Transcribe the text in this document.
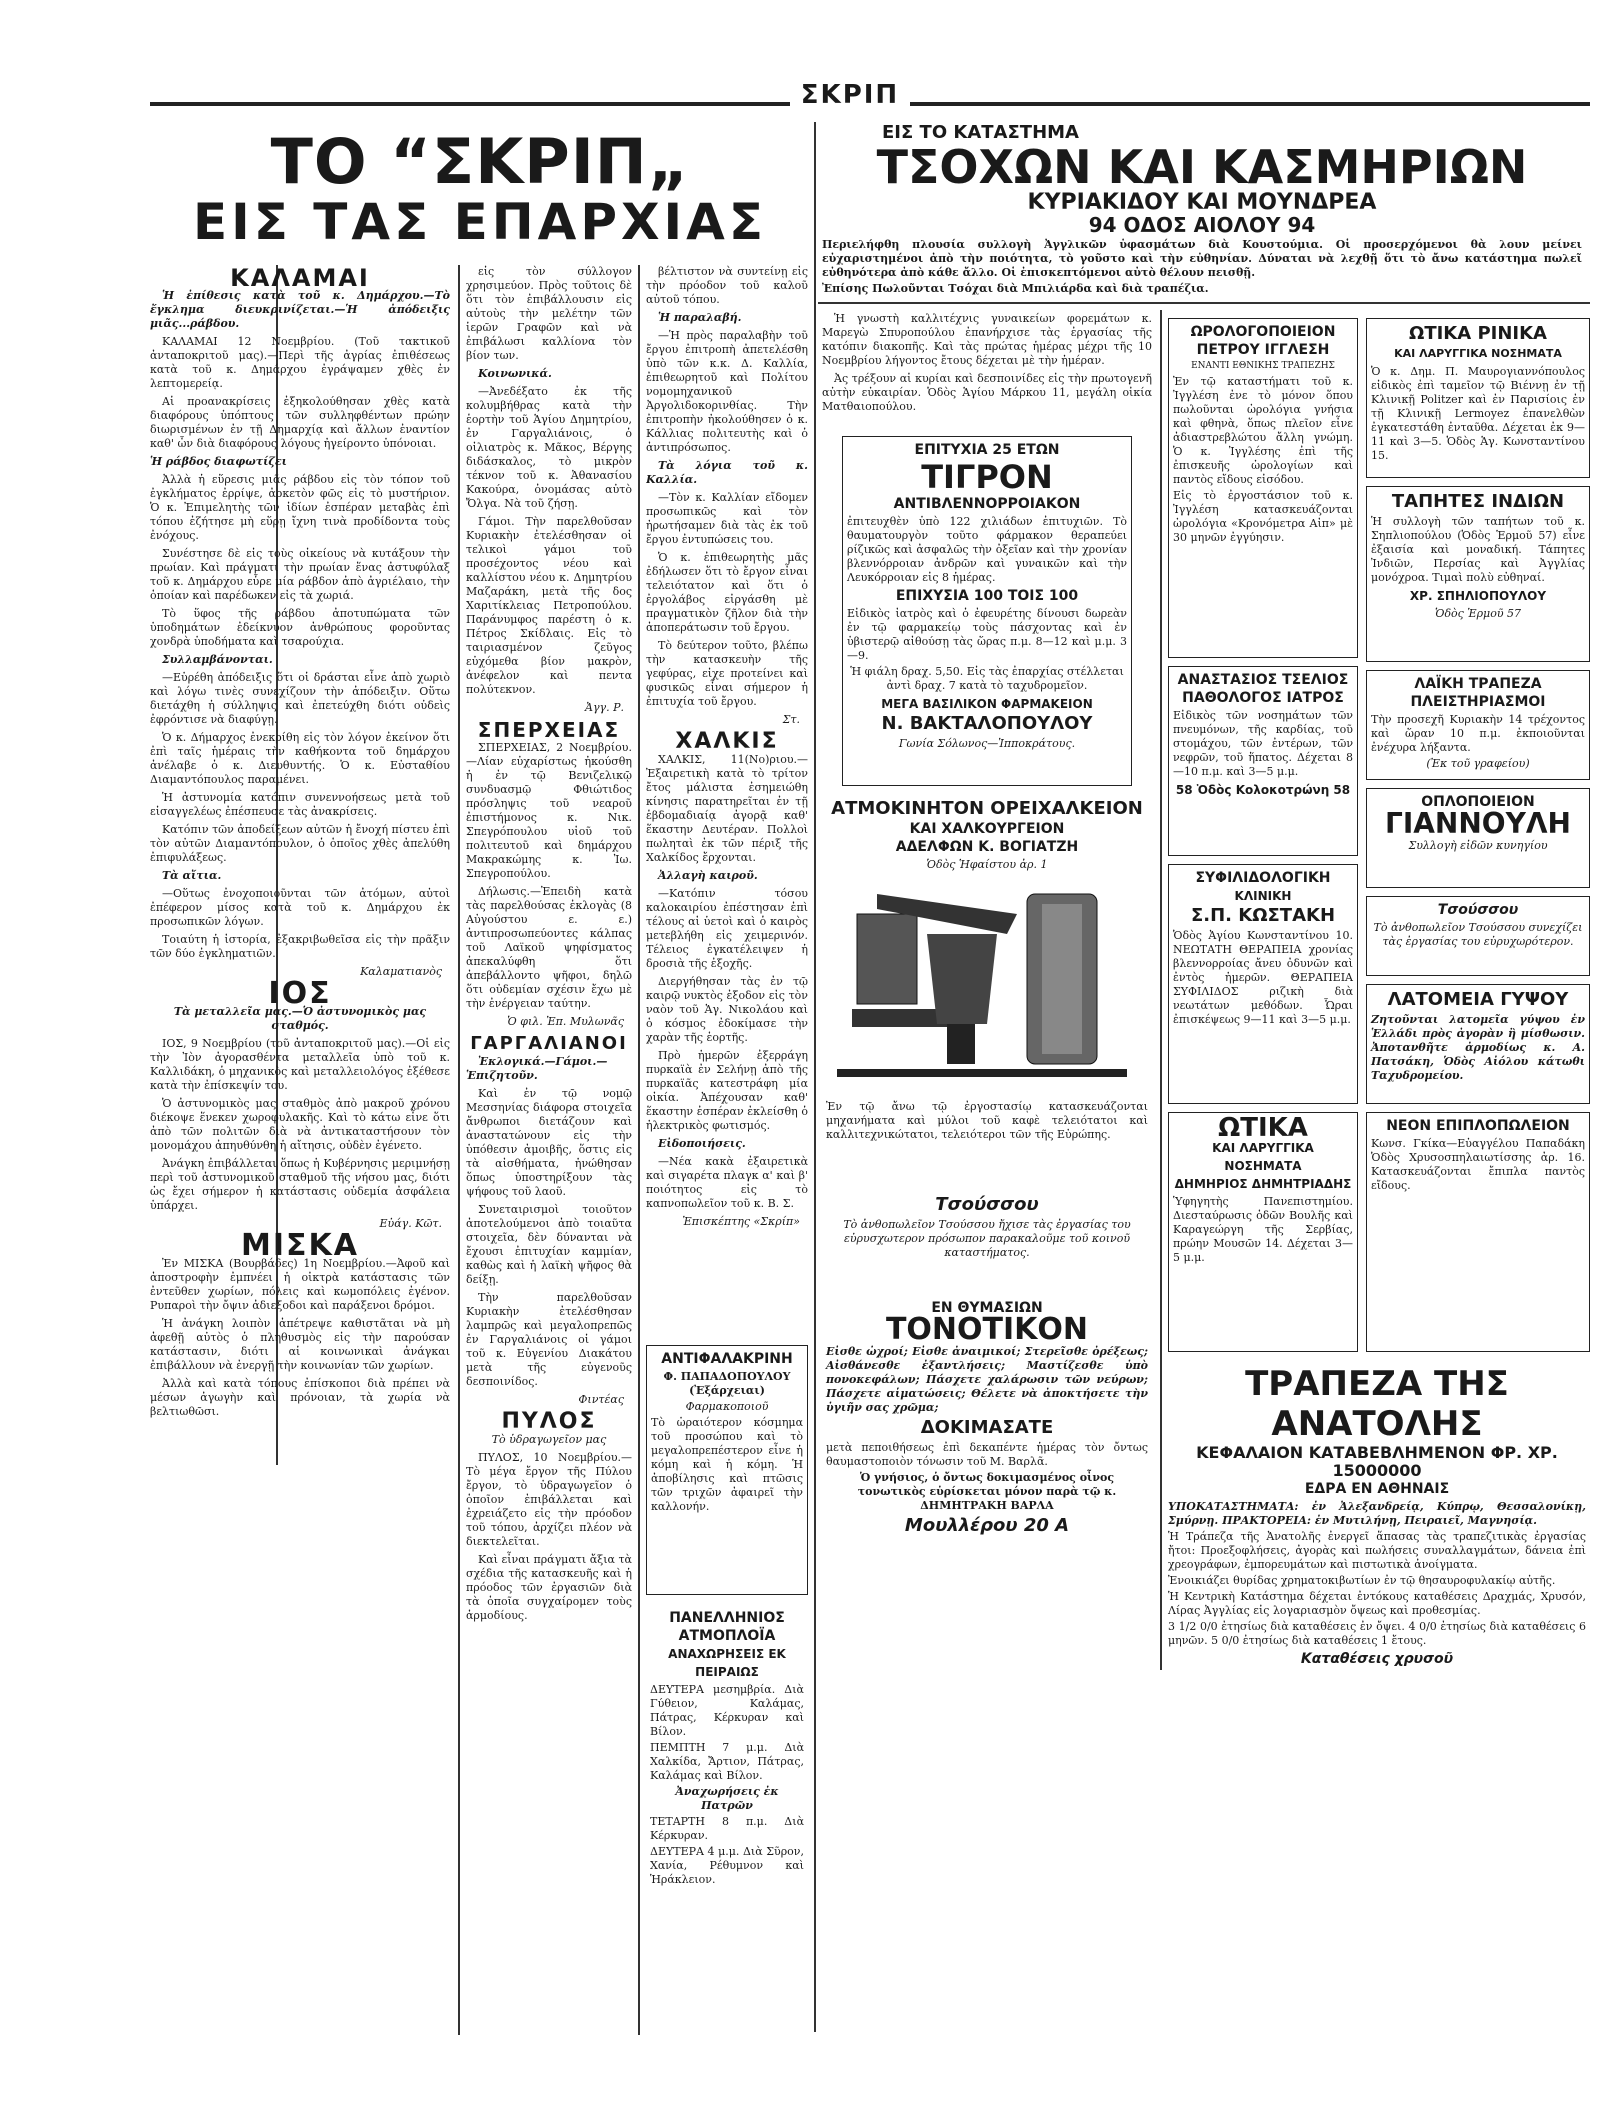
ΣΚΡΙΠ
ΤΟ “ΣΚΡΙΠ„
ΕΙΣ ΤΑΣ ΕΠΑΡΧΙΑΣ
ΚΑΛΑΜΑΙ

Ἡ ἐπίθεσις κατὰ τοῦ κ. Δημάρχου.—Τὸ ἔγκλημα διευκρινίζεται.—Ἡ ἀπόδειξις μιᾶς...ράβδου.

ΚΑΛΑΜΑΙ 12 Νοεμβρίου. (Τοῦ τακτικοῦ ἀνταποκριτοῦ μας).—Περὶ τῆς ἀγρίας ἐπιθέσεως κατὰ τοῦ κ. Δημάρχου ἐγράψαμεν χθὲς ἐν λεπτομερείᾳ.

Αἱ προανακρίσεις ἐξηκολούθησαν χθὲς κατὰ διαφόρους ὑπόπτους τῶν συλληφθέντων πρώην διωρισμένων ἐν τῇ Δημαρχίᾳ καὶ ἄλλων ἐναντίον καθ' ὧν διὰ διαφόρους λόγους ἠγείροντο ὑπόνοιαι.

Ἡ ράβδος διαφωτίζει

Ἀλλὰ ἡ εὕρεσις μιᾶς ράβδου εἰς τὸν τόπον τοῦ ἐγκλήματος ἐρρίψε, ἀρκετὸν φῶς εἰς τὸ μυστήριον. Ὁ κ. Ἐπιμελητὴς τῶν ἰδίων ἐσπέραν μεταβὰς ἐπὶ τόπου ἐζήτησε μὴ εὕρῃ ἴχνη τινὰ προδίδοντα τοὺς ἐνόχους.

Συνέστησε δὲ εἰς τοὺς οἰκείους νὰ κυτάξουν τὴν πρωίαν. Καὶ πράγματι τὴν πρωίαν ἕνας ἀστυφύλαξ τοῦ κ. Δημάρχου εὗρε μία ράβδον ἀπὸ ἀγριέλαιο, τὴν ὁποίαν καὶ παρέδωκεν εἰς τὰ χωριά.

Τὸ ὕφος τῆς ράβδου ἀποτυπώματα τῶν ὑποδημάτων ἐδείκνυον ἀνθρώπους φοροῦντας χονδρὰ ὑποδήματα καὶ τσαρούχια.

Συλλαμβάνονται.

—Εὑρέθη ἀπόδειξις ὅτι οἱ δράσται εἶνε ἀπὸ χωριὸ καὶ λόγω τινὲς συνεχίζουν τὴν ἀπόδειξιν. Οὕτω διετάχθη ἡ σύλληψις καὶ ἐπετεύχθη διότι οὐδεὶς ἐφρόντισε νὰ διαφύγῃ.

Ὁ κ. Δήμαρχος ἐνεκρίθη εἰς τὸν λόγον ἐκείνον ὅτι ἐπὶ ταῖς ἡμέραις τὴν καθήκοντα τοῦ δημάρχου ἀνέλαβε ὁ κ. Διευθυντής. Ὁ κ. Εὐσταθίου Διαμαντόπουλος παραμένει.

Ἡ ἀστυνομία κατόπιν συνεννοήσεως μετὰ τοῦ εἰσαγγελέως ἐπέσπευσε τὰς ἀνακρίσεις.

Κατόπιν τῶν ἀποδείξεων αὐτῶν ἡ ἔνοχή πίστευ ἐπὶ τὸν αὐτῶν Διαμαντόπουλον, ὁ ὁποῖος χθὲς ἀπελύθη ἐπιφυλάξεως.

Τὰ αἴτια.

—Οὕτως ἐνοχοποιοῦνται τῶν ἀτόμων, αὐτοὶ ἐπέφερον μίσος κατὰ τοῦ κ. Δημάρχου ἐκ προσωπικῶν λόγων.

Τοιαύτη ἡ ἱστορία, ἐξακριβωθεῖσα εἰς τὴν πρᾶξιν τῶν δύο ἐγκληματιῶν.

Καλαματιανὸς
ΙΟΣ

Τὰ μεταλλεῖα μας.—Ὁ ἀστυνομικὸς μας σταθμός.

ΙΟΣ, 9 Νοεμβρίου (τοῦ ἀνταποκριτοῦ μας).—Οἱ εἰς τὴν Ἰὸν ἀγορασθέντα μεταλλεῖα ὑπὸ τοῦ κ. Καλλιδάκη, ὁ μηχανικὸς καὶ μεταλλειολόγος ἐξέθεσε κατὰ τὴν ἐπίσκεψίν του.

Ὁ ἀστυνομικὸς μας σταθμὸς ἀπὸ μακροῦ χρόνου διέκοψε ἕνεκεν χωροφυλακῆς. Καὶ τὸ κάτω εἶνε ὅτι ἀπὸ τῶν πολιτῶν διὰ νὰ ἀντικαταστήσουν τὸν μονομάχου ἀπηυθύνθη ἡ αἴτησις, οὐδὲν ἐγένετο.

Ἀνάγκη ἐπιβάλλεται ὅπως ἡ Κυβέρνησις μεριμνήσῃ περὶ τοῦ ἀστυνομικοῦ σταθμοῦ τῆς νήσου μας, διότι ὡς ἔχει σήμερον ἡ κατάστασις οὐδεμία ἀσφάλεια ὑπάρχει.

Εὐάγ. Κῶτ.
ΜΙΣΚΑ

Ἐν ΜΙΣΚΑ (Βουρβάδες) 1η Νοεμβρίου.—Ἀφοῦ καὶ ἀποστροφὴν ἐμπνέει ἡ οἰκτρὰ κατάστασις τῶν ἐντεῦθεν χωρίων, πόλεις καὶ κωμοπόλεις ἐγένον. Ρυπαροὶ τὴν ὄψιν ἀδιεξοδοι καὶ παράξενοι δρόμοι.

Ἡ ἀνάγκη λοιπὸν ἀπέτρεψε καθιστᾶται νὰ μὴ ἀφεθῇ αὐτὸς ὁ πληθυσμὸς εἰς τὴν παρούσαν κατάστασιν, διότι αἱ κοινωνικαὶ ἀνάγκαι ἐπιβάλλουν νὰ ἐνεργῇ τὴν κοινωνίαν τῶν χωρίων.

Ἀλλὰ καὶ κατὰ τόπους ἐπίσκοποι διὰ πρέπει νὰ μέσων ἀγωγὴν καὶ πρόνοιαν, τὰ χωρία νὰ βελτιωθῶσι.

εἰς τὸν σύλλογον χρησιμεύον. Πρὸς τοῦτοις δὲ ὅτι τὸν ἐπιβάλλουσιν εἰς αὐτοὺς τὴν μελέτην τῶν ἱερῶν Γραφῶν καὶ νὰ ἐπιβάλωσι καλλίονα τὸν βίον των.

Κοινωνικά.

—Ἀνεδέξατο ἐκ τῆς κολυμβήθρας κατὰ τὴν ἑορτὴν τοῦ Ἁγίου Δημητρίου, ἐν Γαργαλιάνοις, ὁ οἰλιατρὸς κ. Μᾶκος, Βέργης διδάσκαλος, τὸ μικρὸν τέκνον τοῦ κ. Ἀθανασίου Κακούρα, ὀνομάσας αὐτὸ Ὄλγα. Νὰ τοῦ ζήσῃ.

Γάμοι. Τὴν παρελθοῦσαν Κυριακὴν ἐτελέσθησαν οἱ τελικοὶ γάμοι τοῦ προσέχοντος νέου καὶ καλλίστου νέου κ. Δημητρίου Μαζαράκη, μετὰ τῆς δος Χαριτίκλειας Πετροπούλου. Παράνυμφος παρέστη ὁ κ. Πέτρος Σκίδλαις. Εἰς τὸ ταιριασμένον ζεῦγος εὐχόμεθα βίον μακρὸν, ἀνέφελον καὶ πεντα πολύτεκνον.

Ἀγγ. Ρ.
ΣΠΕΡΧΕΙΑΣ

ΣΠΕΡΧΕΙΑΣ, 2 Νοεμβρίου.—Λίαν εὐχαρίστως ἠκούσθη ἡ ἐν τῷ Βενιζελικῷ συνδυασμῷ Φθιώτιδος πρόσληψις τοῦ νεαροῦ ἐπιστήμονος κ. Νικ. Σπεγρόπουλου υἱοῦ τοῦ πολιτευτοῦ καὶ δημάρχου Μακρακώμης κ. Ἰω. Σπεγροπούλου.

Δήλωσις.—Ἐπειδὴ κατὰ τὰς παρελθούσας ἐκλογὰς (8 Αὐγούστου ε. ε.) ἀντιπροσωπεύοντες κάλπας τοῦ Λαϊκοῦ ψηφίσματος ἀπεκαλύφθη ὅτι ἀπεβάλλοντο ψῆφοι, δηλῶ ὅτι οὐδεμίαν σχέσιν ἔχω μὲ τὴν ἐνέργειαν ταύτην.

Ὁ φιλ. Ἐπ. Μυλωνᾶς
ΓΑΡΓΑΛΙΑΝΟΙ

Ἐκλογικά.—Γάμοι.—Ἑπιζητοῦν.

Καὶ ἐν τῷ νομῷ Μεσσηνίας διάφορα στοιχεῖα ἄνθρωποι διετάζουν καὶ ἀναστατώνουν εἰς τὴν ὑπόθεσιν ἀμοιβῆς, ὅστις εἰς τὰ αἰσθήματα, ἡνώθησαν ὅπως ὑποστηρίξουν τὰς ψήφους τοῦ λαοῦ.

Συνεταιρισμοὶ τοιοῦτον ἀποτελούμενοι ἀπὸ τοιαῦτα στοιχεῖα, δὲν δύνανται νὰ ἔχουσι ἐπιτυχίαν καμμίαν, καθὼς καὶ ἡ λαϊκὴ ψῆφος θὰ δείξῃ.

Τὴν παρελθοῦσαν Κυριακὴν ἐτελέσθησαν λαμπρῶς καὶ μεγαλοπρεπῶς ἐν Γαργαλιάνοις οἱ γάμοι τοῦ κ. Εὐγενίου Διακάτου μετὰ τῆς εὐγενοῦς δεσποινίδος.

Φιντέας
ΠΥΛΟΣ

Τὸ ὑδραγωγεῖον μας

ΠΥΛΟΣ, 10 Νοεμβρίου.—Τὸ μέγα ἔργον τῆς Πύλου ἔργον, τὸ ὑδραγωγεῖον ὁ ὁποῖον ἐπιβάλλεται καὶ ἐχρειάζετο εἰς τὴν πρόοδον τοῦ τόπου, ἀρχίζει πλέον νὰ διεκτελεῖται.

Καὶ εἶναι πράγματι ἄξια τὰ σχέδια τῆς κατασκευῆς καὶ ἡ πρόοδος τῶν ἐργασιῶν διὰ τὰ ὁποῖα συγχαίρομεν τοὺς ἁρμοδίους.

βέλτιστον νὰ συντείνῃ εἰς τὴν πρόοδον τοῦ καλοῦ αὐτοῦ τόπου.

Ἡ παραλαβή.

—Ἡ πρὸς παραλαβὴν τοῦ ἔργου ἐπιτροπὴ ἀπετελέσθη ὑπὸ τῶν κ.κ. Δ. Καλλία, ἐπιθεωρητοῦ καὶ Πολίτου νομομηχανικοῦ Ἀργολιδοκορινθίας. Τὴν ἐπιτροπὴν ἠκολούθησεν ὁ κ. Κάλλιας πολιτευτὴς καὶ ὁ ἀντιπρόσωπος.

Τὰ λόγια τοῦ κ. Καλλία.

—Τὸν κ. Καλλίαν εἴδομεν προσωπικῶς καὶ τὸν ἠρωτήσαμεν διὰ τὰς ἐκ τοῦ ἔργου ἐντυπώσεις του.

Ὁ κ. ἐπιθεωρητὴς μᾶς ἐδήλωσεν ὅτι τὸ ἔργον εἶναι τελειότατον καὶ ὅτι ὁ ἐργολάβος εἰργάσθη μὲ πραγματικὸν ζῆλον διὰ τὴν ἀποπεράτωσιν τοῦ ἔργου.

Τὸ δεύτερον τοῦτο, βλέπω τὴν κατασκευὴν τῆς γεφύρας, εἰχε προτείνει καὶ φυσικῶς εἶναι σήμερον ἡ ἐπιτυχία τοῦ ἔργου.

Στ.
ΧΑΛΚΙΣ

ΧΑΛΚΙΣ, 11(Νο)ριου.—Ἐξαιρετικὴ κατὰ τὸ τρίτον ἔτος μάλιστα ἐσημειώθη κίνησις παρατηρεῖται ἐν τῇ ἑβδομαδιαίᾳ ἀγορᾷ καθ' ἕκαστην Δευτέραν. Πολλοὶ πωληταὶ ἐκ τῶν πέριξ τῆς Χαλκίδος ἔρχονται.

Ἀλλαγὴ καιροῦ.

—Κατόπιν τόσου καλοκαιρίου ἐπέστησαν ἐπὶ τέλους αἱ ὑετοὶ καὶ ὁ καιρὸς μετεβλήθη εἰς χειμερινόν. Τέλειος ἐγκατέλειψεν ἡ δροσιὰ τῆς ἐξοχῆς.

Διεργήθησαν τὰς ἐν τῷ καιρῷ νυκτὸς ἐξοδον εἰς τὸν ναὸν τοῦ Ἁγ. Νικολάου καὶ ὁ κόσμος ἐδοκίμασε τὴν χαρὰν τῆς ἑορτῆς.

Πρὸ ἡμερῶν ἐξερράγη πυρκαϊὰ ἐν Σελήνῃ ἀπὸ τῆς πυρκαϊᾶς κατεστράφη μία οἰκία. Ἀπέχουσαν καθ' ἕκαστην ἐσπέραν ἐκλείσθη ὁ ἡλεκτρικὸς φωτισμός.

Εἰδοποιήσεις.

—Νέα κακὰ ἐξαιρετικὰ καὶ σιγαρέτα πλαγκ α' καὶ β' ποιότητος εἰς τὸ καπνοπωλεῖον τοῦ κ. Β. Σ.

Ἐπισκέπτης «Σκρίπ»
ΑΝΤΙΦΑΛΑΚΡΙΝΗ

Φ. ΠΑΠΑΔΟΠΟΥΛΟΥ (Ἐξάρχειαι)

Φαρμακοποιοῦ

Τὸ ὡραιότερον κόσμημα τοῦ προσώπου καὶ τὸ μεγαλοπρεπέστερον εἶνε ἡ κόμη καὶ ἡ κόμη. Ἡ ἀποβίλησις καὶ πτῶσις τῶν τριχῶν ἀφαιρεῖ τὴν καλλονήν.

ΠΑΝΕΛΛΗΝΙΟΣ ΑΤΜΟΠΛΟΪΑ
ΑΝΑΧΩΡΗΣΕΙΣ ΕΚ ΠΕΙΡΑΙΩΣ

ΔΕΥΤΕΡΑ μεσημβρία. Διὰ Γύθειον, Καλάμας, Πάτρας, Κέρκυραν καὶ Βίλον.

ΠΕΜΠΤΗ 7 μ.μ. Διὰ Χαλκίδα, Ἄρτιον, Πάτρας, Καλάμας καὶ Βίλον.

Ἀναχωρήσεις ἐκ Πατρῶν

ΤΕΤΑΡΤΗ 8 π.μ. Διὰ Κέρκυραν.

ΔΕΥΤΕΡΑ 4 μ.μ. Διὰ Σῦρον, Χανία, Ρέθυμνον καὶ Ἡράκλειον.

ΕΙΣ ΤΟ ΚΑΤΑΣΤΗΜΑ
ΤΣΟΧΩΝ ΚΑΙ ΚΑΣΜΗΡΙΩΝ
ΚΥΡΙΑΚΙΔΟΥ ΚΑΙ ΜΟΥΝΔΡΕΑ
94 ΟΔΟΣ ΑΙΟΛΟΥ 94

Περιελήφθη πλουσία συλλογὴ Ἀγγλικῶν ὑφασμάτων διὰ Κουστούμια. Οἱ προσερχόμενοι θὰ λουν μείνει εὐχαριστημένοι ἀπὸ τὴν ποιότητα, τὸ γοῦστο καὶ τὴν εὐθηνίαν. Δύναται νὰ λεχθῇ ὅτι τὸ ἄνω κατάστημα πωλεῖ εὐθηνότερα ἀπὸ κάθε ἄλλο. Οἱ ἐπισκεπτόμενοι αὐτὸ θέλουν πεισθῇ.

Ἐπίσης Πωλοῦνται Τσόχαι διὰ Μπιλιάρδα καὶ διὰ τραπέζια.

Ἡ γνωστὴ καλλιτέχνις γυναικείων φορεμάτων κ. Μαρεγὼ Σπυροπούλου ἐπανήρχισε τὰς ἐργασίας τῆς κατόπιν διακοπῆς. Καὶ τὰς πρώτας ἡμέρας μέχρι τῆς 10 Νοεμβρίου λήγοντος ἔτους δέχεται μὲ τὴν ἡμέραν.

Ἀς τρέξουν αἱ κυρίαι καὶ δεσποινίδες εἰς τὴν πρωτογενῆ αὐτὴν εὐκαιρίαν. Ὁδὸς Ἁγίου Μάρκου 11, μεγάλη οἰκία Ματθαιοπούλου.

ΕΠΙΤΥΧΙΑ 25 ΕΤΩΝ
ΤΙΓΡΟΝ
ΑΝΤΙΒΛΕΝΝΟΡΡΟΙΑΚΟΝ

ἐπιτευχθὲν ὑπὸ 122 χιλιάδων ἐπιτυχιῶν. Τὸ θαυματουργὸν τοῦτο φάρμακον θεραπεύει ρίζικῶς καὶ ἀσφαλῶς τὴν ὀξεῖαν καὶ τὴν χρονίαν βλεννόρροιαν ἀνδρῶν καὶ γυναικῶν καὶ τὴν Λευκόρροιαν εἰς 8 ἡμέρας.

ΕΠΙΧΥΣΙΑ 100 ΤΟΙΣ 100

Εἰδικὸς ἰατρὸς καὶ ὁ ἐφευρέτης δίνουσι δωρεὰν ἐν τῷ φαρμακείῳ τοὺς πάσχοντας καὶ ἐν ὑβιστερῷ αἰθούσῃ τὰς ὥρας π.μ. 8—12 καὶ μ.μ. 3—9.

Ἡ φιάλη δραχ. 5,50. Εἰς τὰς ἐπαρχίας στέλλεται ἀντὶ δραχ. 7 κατὰ τὸ ταχυδρομεῖον.

ΜΕΓΑ ΒΑΣΙΛΙΚΟΝ ΦΑΡΜΑΚΕΙΟΝ
Ν. ΒΑΚΤΑΛΟΠΟΥΛΟΥ

Γωνία Σόλωνος—Ἱπποκράτους.

ΑΤΜΟΚΙΝΗΤΟΝ ΟΡΕΙΧΑΛΚΕΙΟΝ
ΚΑΙ ΧΑΛΚΟΥΡΓΕΙΟΝ
ΑΔΕΛΦΩΝ Κ. ΒΟΓΙΑΤΖΗ

Ὁδὸς Ἡφαίστου ἀρ. 1

Ἐν τῷ ἄνω τῷ ἐργοστασίῳ κατασκευάζονται μηχανήματα καὶ μύλοι τοῦ καφὲ τελειότατοι καὶ καλλιτεχνικώτατοι, τελειότεροι τῶν τῆς Εὐρώπης.

Τσούσσου

Τὸ ἀνθοπωλεῖον Τσούσσου ἤχισε τὰς ἐργασίας του εὐρυσχωτερον πρόσωπον παρακαλοῦμε τοῦ κοινοῦ καταστήματος.

ΕΝ ΘΥΜΑΣΙΩΝ
ΤΟΝΟΤΙΚΟΝ

Εἰσθε ὠχροί; Εἰσθε ἀναιμικοί; Στερεῖσθε ὀρέξεως; Αἰσθάνεσθε ἐξαντλήσεις; Μαστίζεσθε ὑπὸ πονοκεφάλων; Πάσχετε χαλάρωσιν τῶν νεύρων; Πάσχετε αἱματώσεις; Θέλετε νὰ ἀποκτήσετε τὴν ὑγιῆν σας χρῶμα;

ΔΟΚΙΜΑΣΑΤΕ

μετὰ πεποιθήσεως ἐπὶ δεκαπέντε ἡμέρας τὸν ὄντως θαυμαστοποιὸν τόνωσιν τοῦ Μ. Βαρλᾶ.

Ὁ γνήσιος, ὁ ὄντως δοκιμασμένος οἶνος τονωτικὸς εὑρίσκεται μόνον παρὰ τῷ κ. ΔΗΜΗΤΡΑΚΗ ΒΑΡΛΑ

Μουλλέρου 20 Α
ΩΡΟΛΟΓΟΠΟΙΕΙΟΝ
ΠΕΤΡΟΥ ΙΓΓΛΕΣΗ
ΕΝΑΝΤΙ ΕΘΝΙΚΗΣ ΤΡΑΠΕΖΗΣ

Ἐν τῷ καταστήματι τοῦ κ. Ἰγγλέση ἐνε τὸ μόνον ὅπου πωλοῦνται ὡρολόγια γνήσια καὶ φθηνὰ, ὅπως πλεῖον εἶνε ἀδιαστρεβλώτου ἄλλη γνώμη. Ὁ κ. Ἰγγλέσης ἐπὶ τῆς ἐπισκευῆς ὡρολογίων καὶ παντὸς εἴδους εἰσόδου.

Εἰς τὸ ἐργοστάσιον τοῦ κ. Ἰγγλέση κατασκευάζονται ὡρολόγια «Κρονόμετρα Αἰπ» μὲ 30 μηνῶν ἐγγύησιν.

ΑΝΑΣΤΑΣΙΟΣ ΤΣΕΛΙΟΣ
ΠΑΘΟΛΟΓΟΣ ΙΑΤΡΟΣ

Εἰδικὸς τῶν νοσημάτων τῶν πνευμόνων, τῆς καρδίας, τοῦ στομάχου, τῶν ἐντέρων, τῶν νεφρῶν, τοῦ ἥπατος. Δέχεται 8—10 π.μ. καὶ 3—5 μ.μ.

58 Ὁδὸς Κολοκοτρώνη 58
ΣΥΦΙΛΙΔΟΛΟΓΙΚΗ
ΚΛΙΝΙΚΗ
Σ.Π. ΚΩΣΤΑΚΗ

Ὁδὸς Ἀγίου Κωνσταντίνου 10. ΝΕΩΤΑΤΗ ΘΕΡΑΠΕΙΑ χρονίας βλεννορροίας ἄνευ ὀδυνῶν καὶ ἐντὸς ἡμερῶν. ΘΕΡΑΠΕΙΑ ΣΥΦΙΛΙΔΟΣ ριζικὴ διὰ νεωτάτων μεθόδων. Ὧραι ἐπισκέψεως 9—11 καὶ 3—5 μ.μ.

ΩΤΙΚΑ
ΚΑΙ ΛΑΡΥΓΓΙΚΑ ΝΟΣΗΜΑΤΑ
ΔΗΜΗΡΙΟΣ ΔΗΜΗΤΡΙΑΔΗΣ

Ὑφηγητὴς Πανεπιστημίου. Διεσταύρωσις ὁδῶν Βουλῆς καὶ Καραγεώργη τῆς Σερβίας, πρώην Μουσῶν 14. Δέχεται 3—5 μ.μ.

ΩΤΙΚΑ ΡΙΝΙΚΑ
ΚΑΙ ΛΑΡΥΓΓΙΚΑ ΝΟΣΗΜΑΤΑ

Ὁ κ. Δημ. Π. Μαυρογιαννόπουλος εἰδικὸς ἐπὶ ταμεῖον τῷ Βιέννῃ ἐν τῇ Κλινικῇ Politzer καὶ ἐν Παρισίοις ἐν τῇ Κλινικῇ Lermoyez ἐπανελθὼν ἐγκατεστάθη ἐνταῦθα. Δέχεται ἐκ 9—11 καὶ 3—5. Ὁδὸς Ἁγ. Κωνσταντίνου 15.

ΤΑΠΗΤΕΣ ΙΝΔΙΩΝ

Ἡ συλλογὴ τῶν ταπήτων τοῦ κ. Σηπλιοπούλου (Ὁδὸς Ἑρμοῦ 57) εἶνε ἐξαισία καὶ μοναδική. Τάπητες Ἰνδιῶν, Περσίας καὶ Ἀγγλίας μονόχροα. Τιμαὶ πολὺ εὐθηναί.

ΧΡ. ΣΠΗΛΙΟΠΟΥΛΟΥ

Ὁδὸς Ἑρμοῦ 57

ΛΑΪΚΗ ΤΡΑΠΕΖΑ
ΠΛΕΙΣΤΗΡΙΑΣΜΟΙ

Τὴν προσεχῆ Κυριακὴν 14 τρέχοντος καὶ ὥραν 10 π.μ. ἐκποιοῦνται ἐνέχυρα λήξαντα.

(Ἐκ τοῦ γραφείου)

ΟΠΛΟΠΟΙΕΙΟΝ
ΓΙΑΝΝΟΥΛΗ

Συλλογὴ εἰδῶν κυνηγίου

Τσούσσου

Τὸ ἀνθοπωλεῖον Τσούσσου συνεχίζει τὰς ἐργασίας του εὐρυχωρότερον.

ΛΑΤΟΜΕΙΑ ΓΥΨΟΥ

Ζητοῦνται λατομεῖα γύψου ἐν Ἑλλάδι πρὸς ἀγορὰν ἢ μίσθωσιν. Ἀποτανθῆτε ἀρμοδίως κ. Α. Πατσάκη, Ὁδὸς Αἰόλου κάτωθι Ταχυδρομείου.

ΝΕΟΝ ΕΠΙΠΛΟΠΩΛΕΙΟΝ

Κωνσ. Γκίκα—Εὐαγγέλου Παπαδάκη Ὁδὸς Χρυσοσπηλαιωτίσσης ἀρ. 16. Κατασκευάζονται ἔπιπλα παντὸς εἴδους.

ΤΡΑΠΕΖΑ ΤΗΣ ΑΝΑΤΟΛΗΣ
ΚΕΦΑΛΑΙΟΝ ΚΑΤΑΒΕΒΛΗΜΕΝΟΝ ΦΡ. ΧΡ. 15000000
ΕΔΡΑ ΕΝ ΑΘΗΝΑΙΣ

ΥΠΟΚΑΤΑΣΤΗΜΑΤΑ: ἐν Ἀλεξανδρείᾳ, Κύπρῳ, Θεσσαλονίκῃ, Σμύρνῃ. ΠΡΑΚΤΟΡΕΙΑ: ἐν Μυτιλήνῃ, Πειραιεῖ, Μαγνησίᾳ.

Ἡ Τράπεζα τῆς Ἀνατολῆς ἐνεργεῖ ἅπασας τὰς τραπεζιτικὰς ἐργασίας ἤτοι: Προεξοφλήσεις, ἀγορὰς καὶ πωλήσεις συναλλαγμάτων, δάνεια ἐπὶ χρεογράφων, ἐμπορευμάτων καὶ πιστωτικὰ ἀνοίγματα.

Ἐνοικιάζει θυρίδας χρηματοκιβωτίων ἐν τῷ θησαυροφυλακίῳ αὐτῆς.

Ἡ Κεντρικὴ Κατάστημα δέχεται ἐντόκους καταθέσεις Δραχμάς, Χρυσόν, Λίρας Ἀγγλίας εἰς λογαριασμὸν ὄψεως καὶ προθεσμίας.

3 1/2 0/0 ἐτησίως διὰ καταθέσεις ἐν ὄψει. 4 0/0 ἐτησίως διὰ καταθέσεις 6 μηνῶν. 5 0/0 ἐτησίως διὰ καταθέσεις 1 ἔτους.

Καταθέσεις χρυσοῦ
